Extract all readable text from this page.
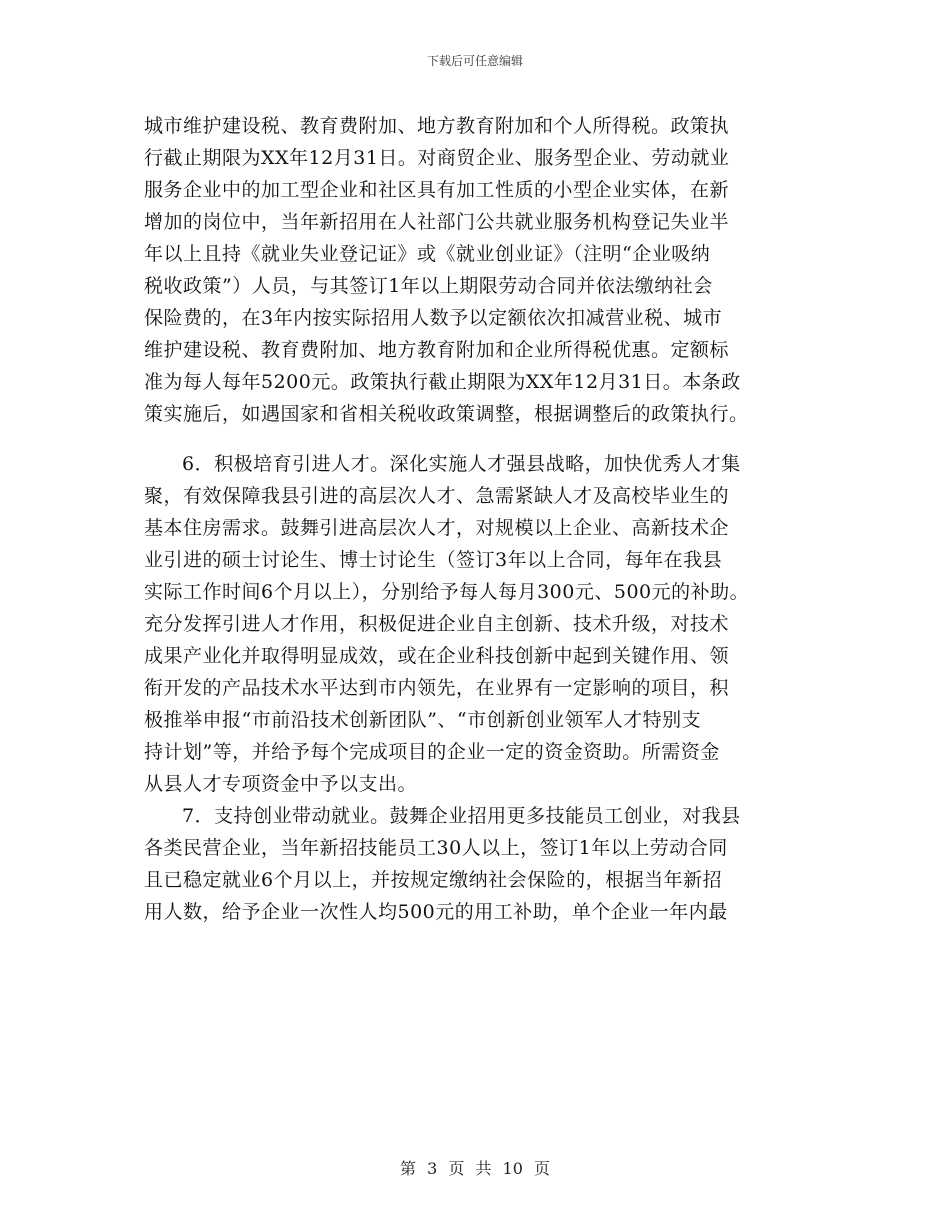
下载后可任意编辑
城市维护建设税、教育费附加、地方教育附加和个人所得税。政策执
行截止期限为XX年12月31日。对商贸企业、服务型企业、劳动就业
服务企业中的加工型企业和社区具有加工性质的小型企业实体，在新
增加的岗位中，当年新招用在人社部门公共就业服务机构登记失业半
年以上且持《就业失业登记证》或《就业创业证》（注明“企业吸纳
税收政策”）人员，与其签订1年以上期限劳动合同并依法缴纳社会
保险费的，在3年内按实际招用人数予以定额依次扣减营业税、城市
维护建设税、教育费附加、地方教育附加和企业所得税优惠。定额标
准为每人每年5200元。政策执行截止期限为XX年12月31日。本条政
策实施后，如遇国家和省相关税收政策调整，根据调整后的政策执行。
6．积极培育引进人才。深化实施人才强县战略，加快优秀人才集
聚，有效保障我县引进的高层次人才、急需紧缺人才及高校毕业生的
基本住房需求。鼓舞引进高层次人才，对规模以上企业、高新技术企
业引进的硕士讨论生、博士讨论生（签订3年以上合同，每年在我县
实际工作时间6个月以上），分别给予每人每月300元、500元的补助。
充分发挥引进人才作用，积极促进企业自主创新、技术升级，对技术
成果产业化并取得明显成效，或在企业科技创新中起到关键作用、领
衔开发的产品技术水平达到市内领先，在业界有一定影响的项目，积
极推举申报“市前沿技术创新团队”、“市创新创业领军人才特别支
持计划”等，并给予每个完成项目的企业一定的资金资助。所需资金
从县人才专项资金中予以支出。
7．支持创业带动就业。鼓舞企业招用更多技能员工创业，对我县
各类民营企业，当年新招技能员工30人以上，签订1年以上劳动合同
且已稳定就业6个月以上，并按规定缴纳社会保险的，根据当年新招
用人数，给予企业一次性人均500元的用工补助，单个企业一年内最
第 3 页 共 10 页
